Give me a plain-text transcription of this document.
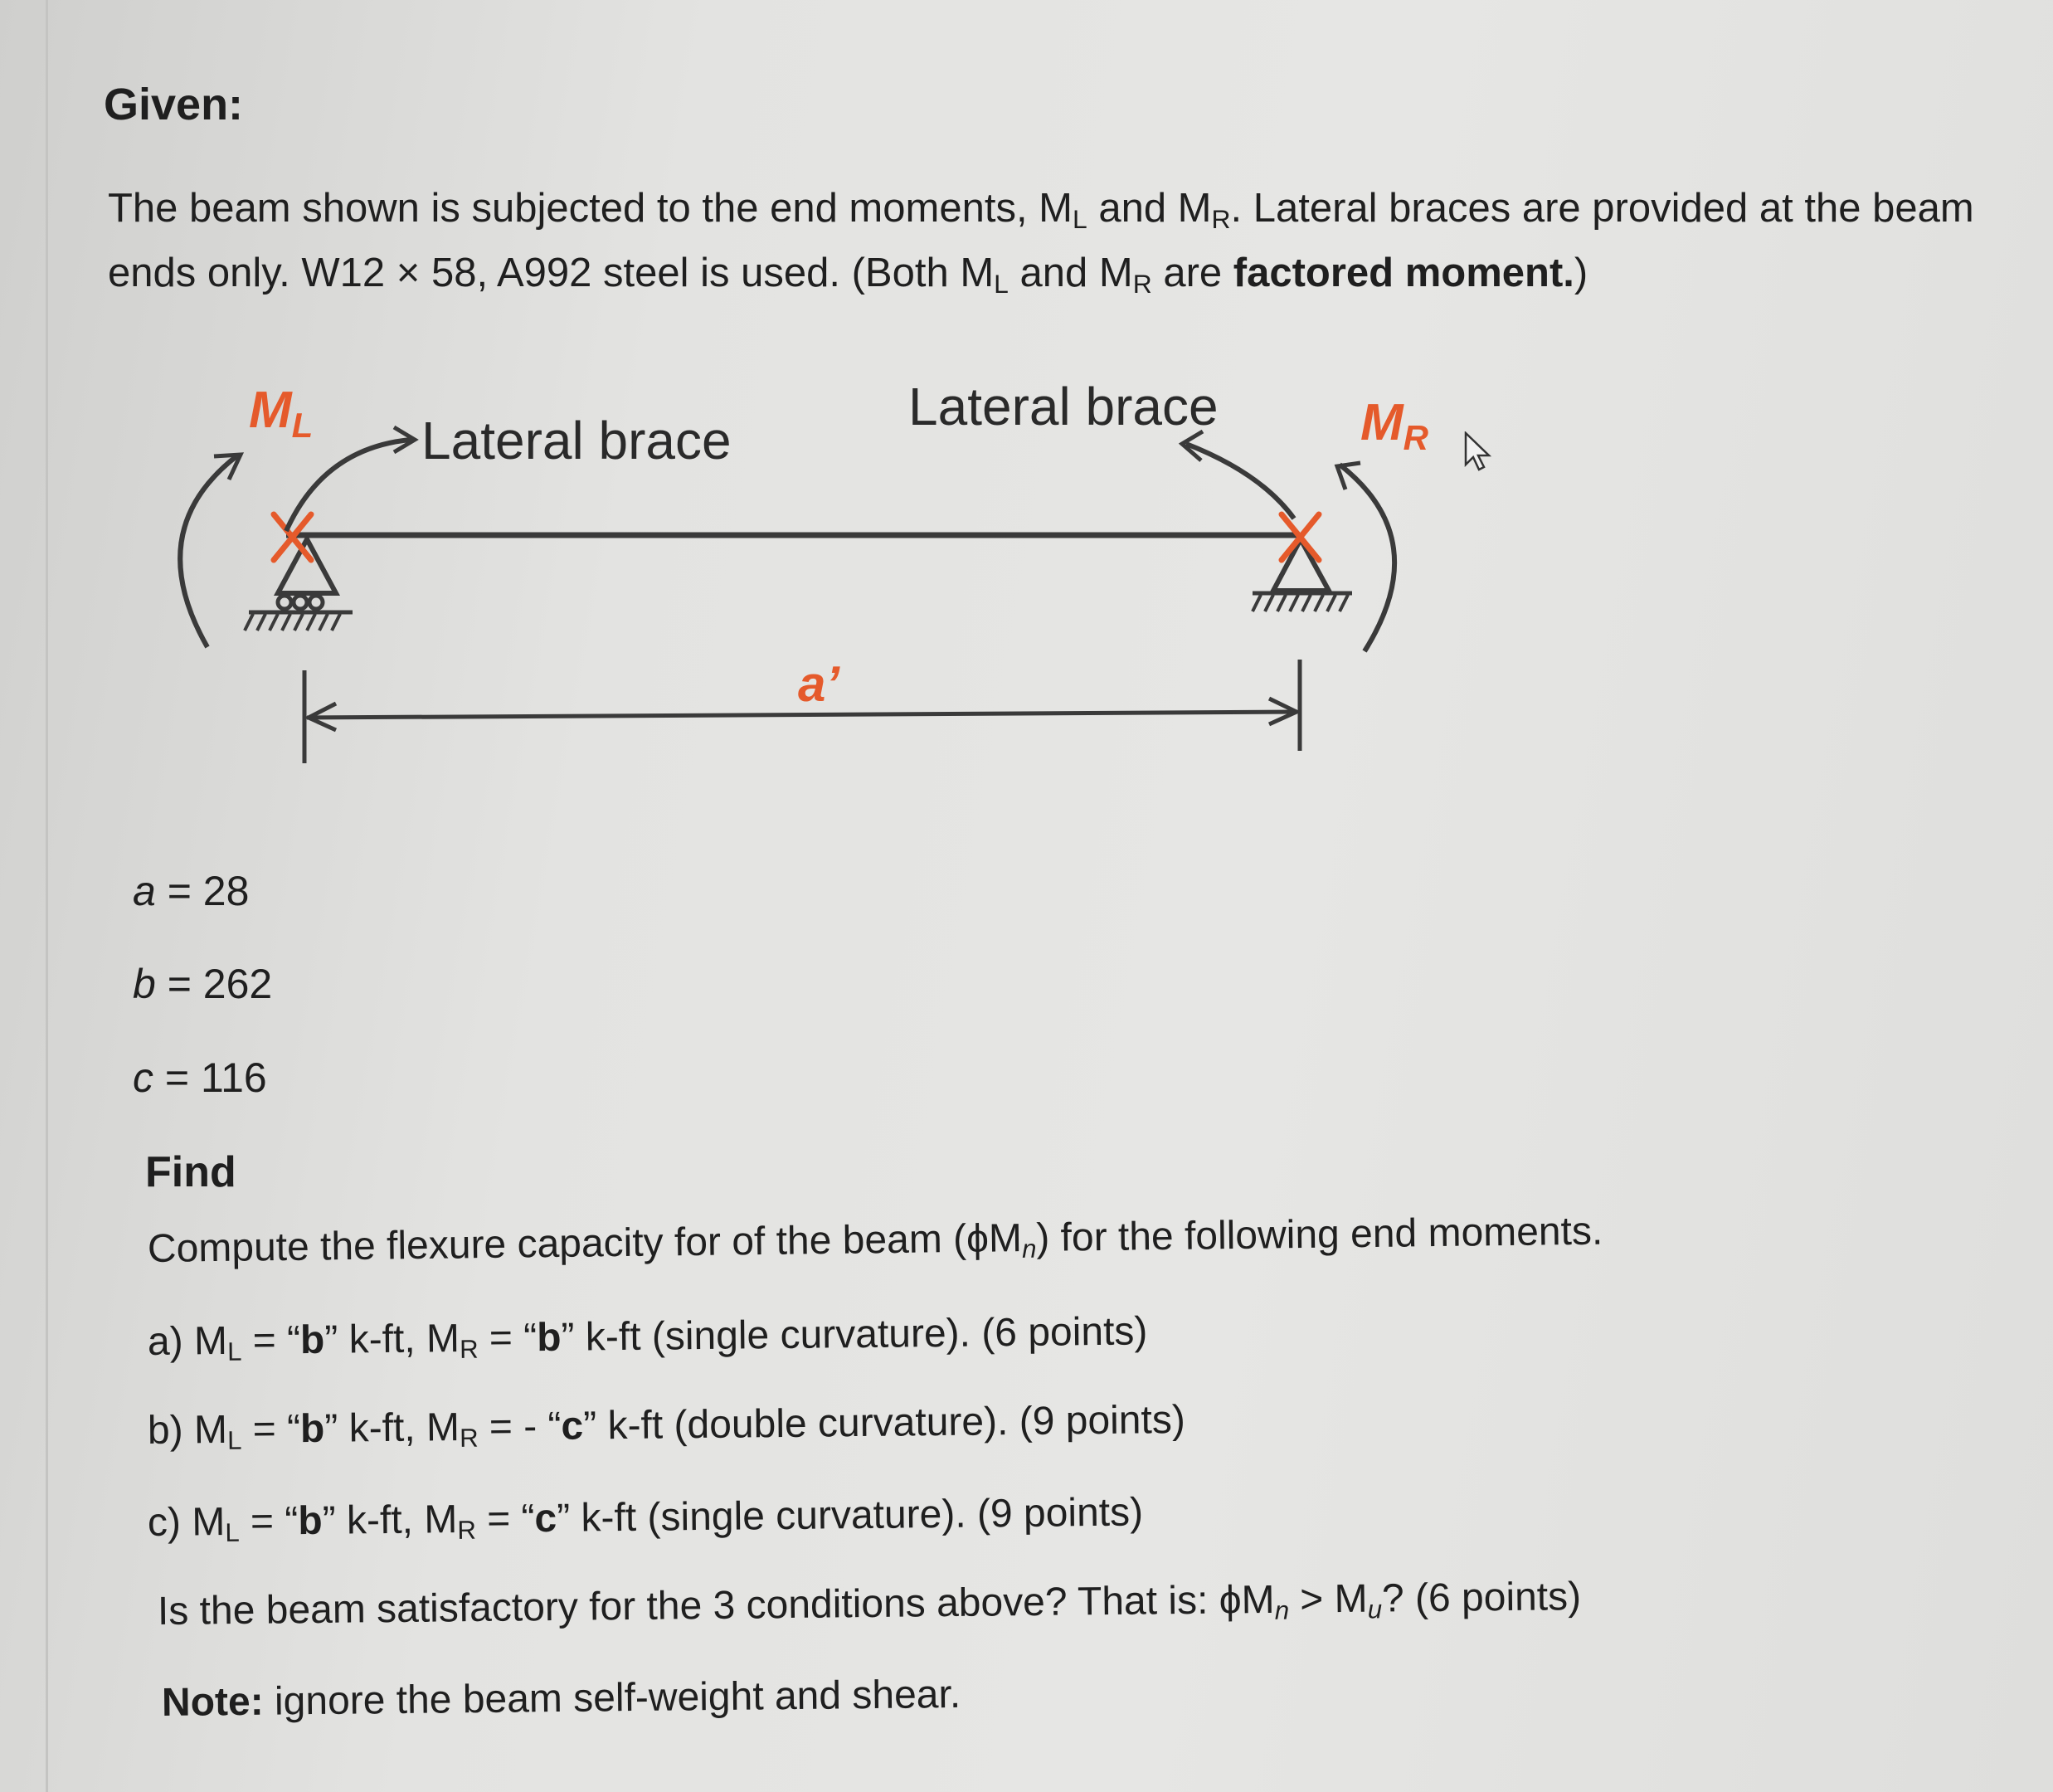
Given:
The beam shown is subjected to the end moments, $M_L$ and $M_R$. Lateral braces are provided at the beam
ends only. W12 × 58, A992 steel is used. (Both $M_L$ and $M_R$ are factored moment.)
ML	MR
Lateral brace
Lateral brace
a’
a = 28
b = 262
c = 116
Find
Compute the flexure capacity for of the beam $(\phi M_n)$ for the following end moments.
a) $M_L$ = “b” k-ft, $M_R$ = “b” k-ft (single curvature). (6 points)
b) $M_L$ = “b” k-ft, $M_R$ = - “c” k-ft (double curvature). (9 points)
c) $M_L$ = “b” k-ft, $M_R$ = “c” k-ft (single curvature). (9 points)
Is the beam satisfactory for the 3 conditions above? That is: $\phi M_n > M_u$? (6 points)
Note: ignore the beam self-weight and shear.
